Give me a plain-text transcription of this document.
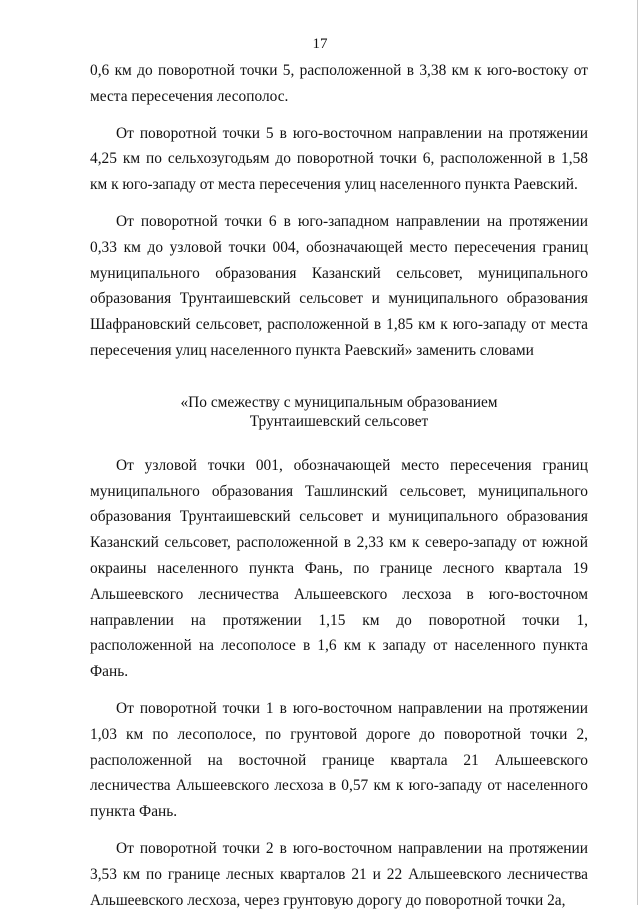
17

0,6 км до поворотной точки 5, расположенной в 3,38 км к юго-востоку от места пересечения лесополос.

От поворотной точки 5 в юго-восточном направлении на протяжении 4,25 км по сельхозугодьям до поворотной точки 6, расположенной в 1,58 км к юго-западу от места пересечения улиц населенного пункта Раевский.

От поворотной точки 6 в юго-западном направлении на протяжении 0,33 км до узловой точки 004, обозначающей место пересечения границ муниципального образования Казанский сельсовет, муниципального образования Трунтаишевский сельсовет и муниципального образования Шафрановский сельсовет, расположенной в 1,85 км к юго-западу от места пересечения улиц населенного пункта Раевский» заменить словами

«По смежеству с муниципальным образованием
Трунтаишевский сельсовет

От узловой точки 001, обозначающей место пересечения границ муниципального образования Ташлинский сельсовет, муниципального образования Трунтаишевский сельсовет и муниципального образования Казанский сельсовет, расположенной в 2,33 км к северо-западу от южной окраины населенного пункта Фань, по границе лесного квартала 19 Альшеевского лесничества Альшеевского лесхоза в юго-восточном направлении на протяжении 1,15 км до поворотной точки 1, расположенной на лесополосе в 1,6 км к западу от населенного пункта Фань.

От поворотной точки 1 в юго-восточном направлении на протяжении 1,03 км по лесополосе, по грунтовой дороге до поворотной точки 2, расположенной на восточной границе квартала 21 Альшеевского лесничества Альшеевского лесхоза в 0,57 км к юго-западу от населенного пункта Фань.

От поворотной точки 2 в юго-восточном направлении на протяжении 3,53 км по границе лесных кварталов 21 и 22 Альшеевского лесничества Альшеевского лесхоза, через грунтовую дорогу до поворотной точки 2а,
